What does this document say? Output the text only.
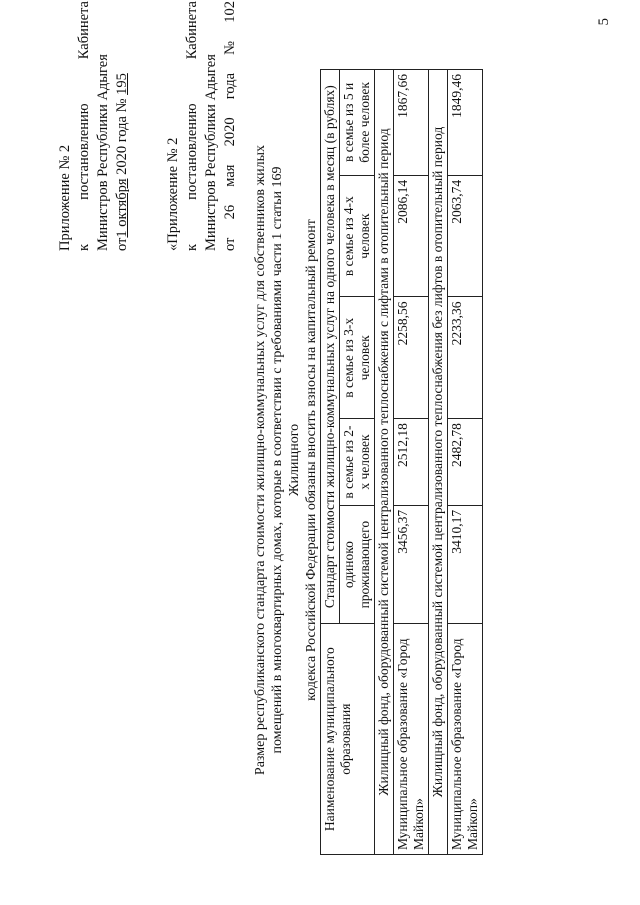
5
Приложение № 2 к
постановлению
Кабинета
Министров Республики Адыгея от1 октября 2020 года № 195
«Приложение № 2 к
постановлению
Кабинета
Министров Республики Адыгея от
26
мая
2020
года
№
102
Размер республиканского стандарта стоимости жилищно-коммунальных услуг для собственников жилых помещений в многоквартирных домах, которые в соответствии с требованиями части 1 статьи 169 Жилищного кодекса Российской Федерации обязаны вносить взносы на капитальный ремонт
Наименование муниципального образования	Стандарт стоимости жилищно-коммунальных услуг на одного человека в месяц (в рублях)				
	одиноко проживающего	в семье из 2-х человек	в семье из 3-х человек	в семье из 4-х человек	в семье из 5 и более человек
Жилищный фонд, оборудованный системой централизованного теплоснабжения с лифтами в отопительный период					
Муниципальное образование «Город Майкоп»	3456,37	2512,18	2258,56	2086,14	1867,66
Жилищный фонд, оборудованный системой централизованного теплоснабжения без лифтов в отопительный период					
Муниципальное образование «Город Майкоп»	3410,17	2482,78	2233,36	2063,74	1849,46
